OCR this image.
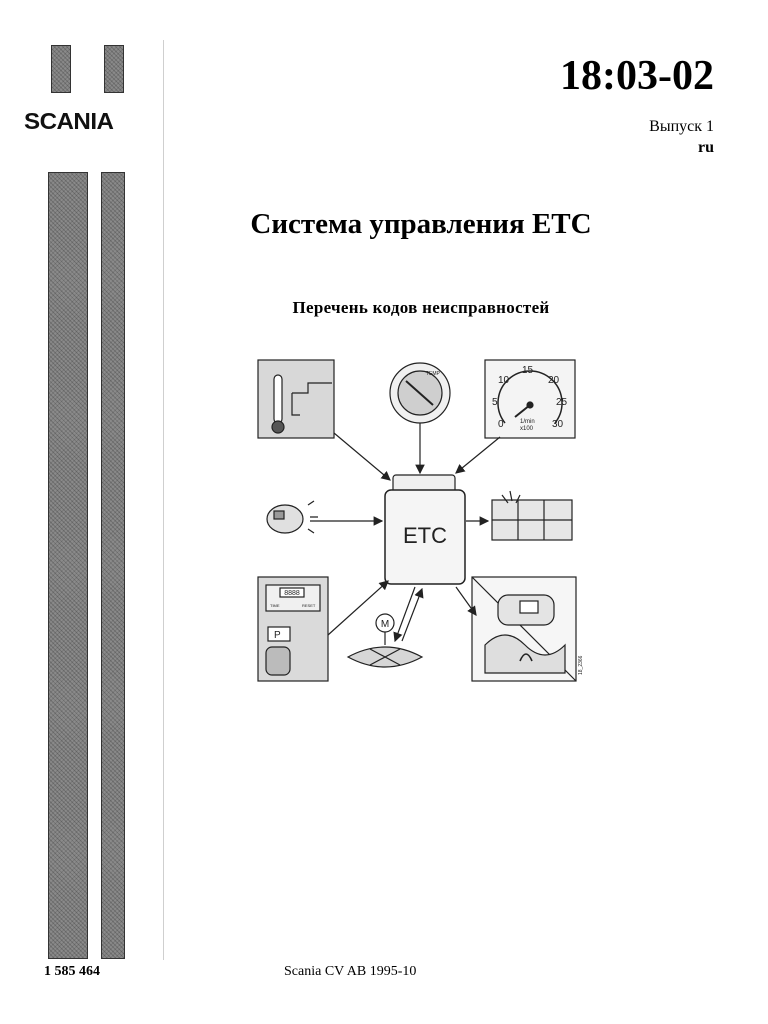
SCANIA
18:03-02
Выпуск 1
ru
Система управления ETC
Перечень кодов неисправностей
TEMP
0
5
10
15
20
25
30
1/min
x100
ETC
8888
TIME	RESET
P
M
18_2366
1 585 464	Scania CV AB 1995-10
